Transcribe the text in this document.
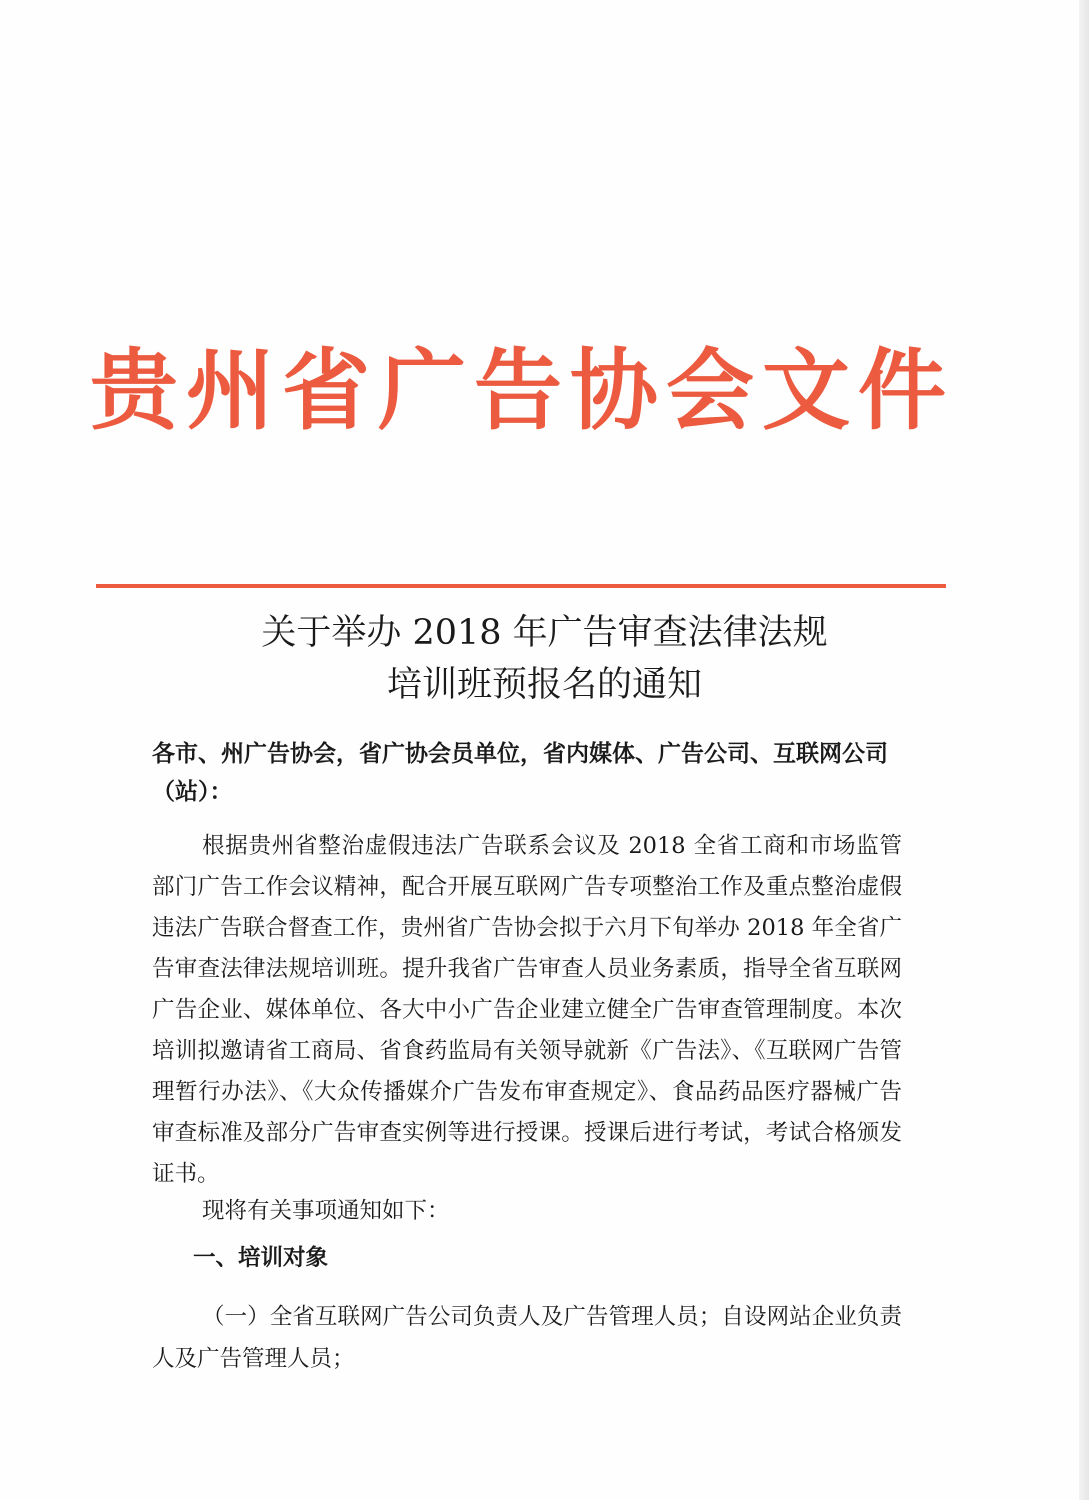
贵州省广告协会文件
关于举办 2018 年广告审查法律法规
培训班预报名的通知
各市、州广告协会，省广协会员单位，省内媒体、广告公司、互联网公司（站）：
根据贵州省整治虚假违法广告联系会议及 2018 全省工商和市场监管部门广告工作会议精神，配合开展互联网广告专项整治工作及重点整治虚假违法广告联合督查工作，贵州省广告协会拟于六月下旬举办 2018 年全省广告审查法律法规培训班。提升我省广告审查人员业务素质，指导全省互联网广告企业、媒体单位、各大中小广告企业建立健全广告审查管理制度。本次培训拟邀请省工商局、省食药监局有关领导就新《广告法》、《互联网广告管理暂行办法》、《大众传播媒介广告发布审查规定》、食品药品医疗器械广告审查标准及部分广告审查实例等进行授课。授课后进行考试，考试合格颁发证书。
现将有关事项通知如下：
一、培训对象
（一）全省互联网广告公司负责人及广告管理人员；自设网站企业负责人及广告管理人员；
